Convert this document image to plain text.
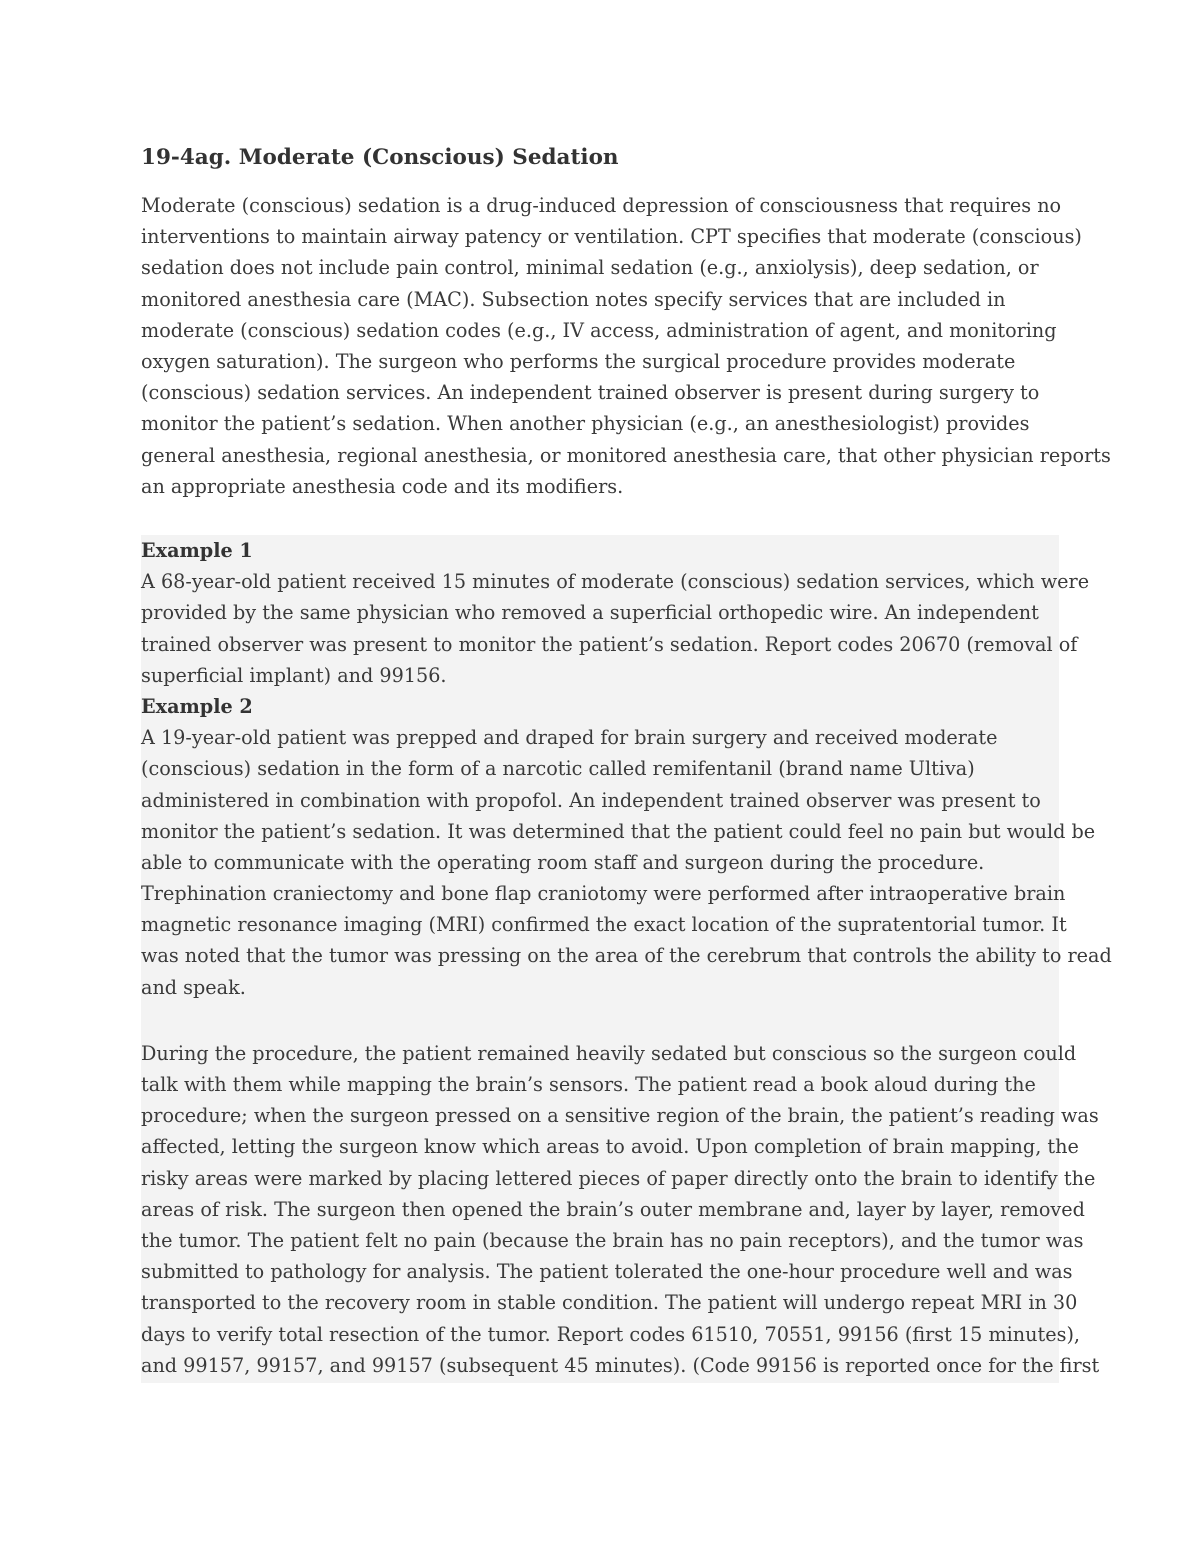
19-4ag. Moderate (Conscious) Sedation
Moderate (conscious) sedation is a drug-induced depression of consciousness that requires no
interventions to maintain airway patency or ventilation. CPT specifies that moderate (conscious)
sedation does not include pain control, minimal sedation (e.g., anxiolysis), deep sedation, or
monitored anesthesia care (MAC). Subsection notes specify services that are included in
moderate (conscious) sedation codes (e.g., IV access, administration of agent, and monitoring
oxygen saturation). The surgeon who performs the surgical procedure provides moderate
(conscious) sedation services. An independent trained observer is present during surgery to
monitor the patient’s sedation. When another physician (e.g., an anesthesiologist) provides
general anesthesia, regional anesthesia, or monitored anesthesia care, that other physician reports
an appropriate anesthesia code and its modifiers.
Example 1
A 68-year-old patient received 15 minutes of moderate (conscious) sedation services, which were
provided by the same physician who removed a superficial orthopedic wire. An independent
trained observer was present to monitor the patient’s sedation. Report codes 20670 (removal of
superficial implant) and 99156.
Example 2
A 19-year-old patient was prepped and draped for brain surgery and received moderate
(conscious) sedation in the form of a narcotic called remifentanil (brand name Ultiva)
administered in combination with propofol. An independent trained observer was present to
monitor the patient’s sedation. It was determined that the patient could feel no pain but would be
able to communicate with the operating room staff and surgeon during the procedure.
Trephination craniectomy and bone flap craniotomy were performed after intraoperative brain
magnetic resonance imaging (MRI) confirmed the exact location of the supratentorial tumor. It
was noted that the tumor was pressing on the area of the cerebrum that controls the ability to read
and speak.
During the procedure, the patient remained heavily sedated but conscious so the surgeon could
talk with them while mapping the brain’s sensors. The patient read a book aloud during the
procedure; when the surgeon pressed on a sensitive region of the brain, the patient’s reading was
affected, letting the surgeon know which areas to avoid. Upon completion of brain mapping, the
risky areas were marked by placing lettered pieces of paper directly onto the brain to identify the
areas of risk. The surgeon then opened the brain’s outer membrane and, layer by layer, removed
the tumor. The patient felt no pain (because the brain has no pain receptors), and the tumor was
submitted to pathology for analysis. The patient tolerated the one-hour procedure well and was
transported to the recovery room in stable condition. The patient will undergo repeat MRI in 30
days to verify total resection of the tumor. Report codes 61510, 70551, 99156 (first 15 minutes),
and 99157, 99157, and 99157 (subsequent 45 minutes). (Code 99156 is reported once for the first
